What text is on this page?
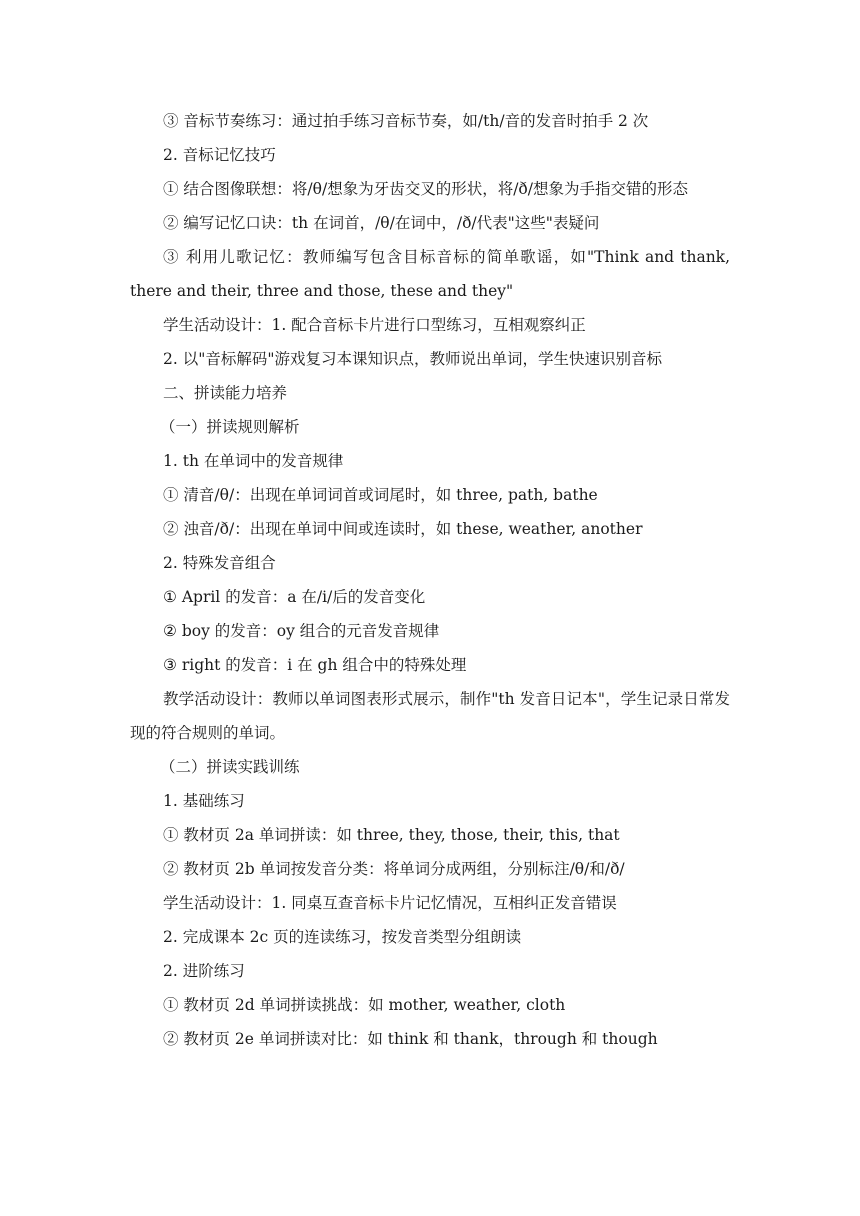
③ 音标节奏练习：通过拍手练习音标节奏，如/th/音的发音时拍手 2 次
2. 音标记忆技巧
① 结合图像联想：将/θ/想象为牙齿交叉的形状，将/ð/想象为手指交错的形态
② 编写记忆口诀：th 在词首，/θ/在词中，/ð/代表"这些"表疑问
③ 利用儿歌记忆：教师编写包含目标音标的简单歌谣，如"Think and thank, there and their, three and those, these and they"
学生活动设计：1. 配合音标卡片进行口型练习，互相观察纠正
2. 以"音标解码"游戏复习本课知识点，教师说出单词，学生快速识别音标
二、拼读能力培养
（一）拼读规则解析
1. th 在单词中的发音规律
① 清音/θ/：出现在单词词首或词尾时，如 three, path, bathe
② 浊音/ð/：出现在单词中间或连读时，如 these, weather, another
2. 特殊发音组合
① April 的发音：a 在/i/后的发音变化
② boy 的发音：oy 组合的元音发音规律
③ right 的发音：i 在 gh 组合中的特殊处理
教学活动设计：教师以单词图表形式展示，制作"th 发音日记本"，学生记录日常发现的符合规则的单词。
（二）拼读实践训练
1. 基础练习
① 教材页 2a 单词拼读：如 three, they, those, their, this, that
② 教材页 2b 单词按发音分类：将单词分成两组，分别标注/θ/和/ð/
学生活动设计：1. 同桌互查音标卡片记忆情况，互相纠正发音错误
2. 完成课本 2c 页的连读练习，按发音类型分组朗读
2. 进阶练习
① 教材页 2d 单词拼读挑战：如 mother, weather, cloth
② 教材页 2e 单词拼读对比：如 think 和 thank，through 和 though
